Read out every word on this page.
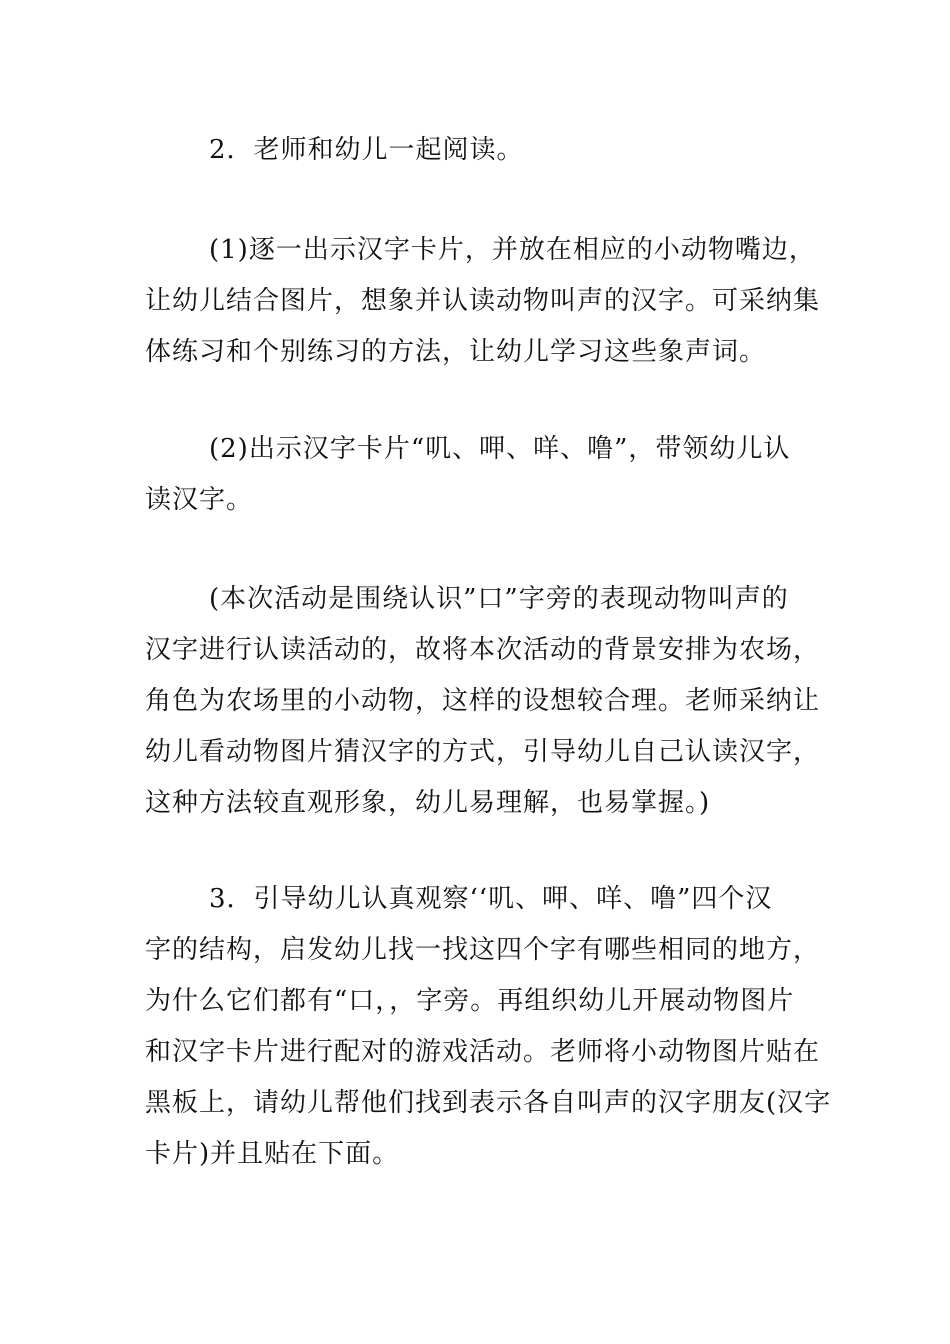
2．老师和幼儿一起阅读。

(1)逐一出示汉字卡片，并放在相应的小动物嘴边，
让幼儿结合图片，想象并认读动物叫声的汉字。可采纳集
体练习和个别练习的方法，让幼儿学习这些象声词。

(2)出示汉字卡片“叽、呷、咩、噜”，带领幼儿认
读汉字。

(本次活动是围绕认识”口”字旁的表现动物叫声的
汉字进行认读活动的，故将本次活动的背景安排为农场，
角色为农场里的小动物，这样的设想较合理。老师采纳让
幼儿看动物图片猜汉字的方式，引导幼儿自己认读汉字，
这种方法较直观形象，幼儿易理解，也易掌握。)

3．引导幼儿认真观察‘‘叽、呷、咩、噜”四个汉
字的结构，启发幼儿找一找这四个字有哪些相同的地方，
为什么它们都有“口，，字旁。再组织幼儿开展动物图片
和汉字卡片进行配对的游戏活动。老师将小动物图片贴在
黑板上，请幼儿帮他们找到表示各自叫声的汉字朋友(汉字
卡片)并且贴在下面。
